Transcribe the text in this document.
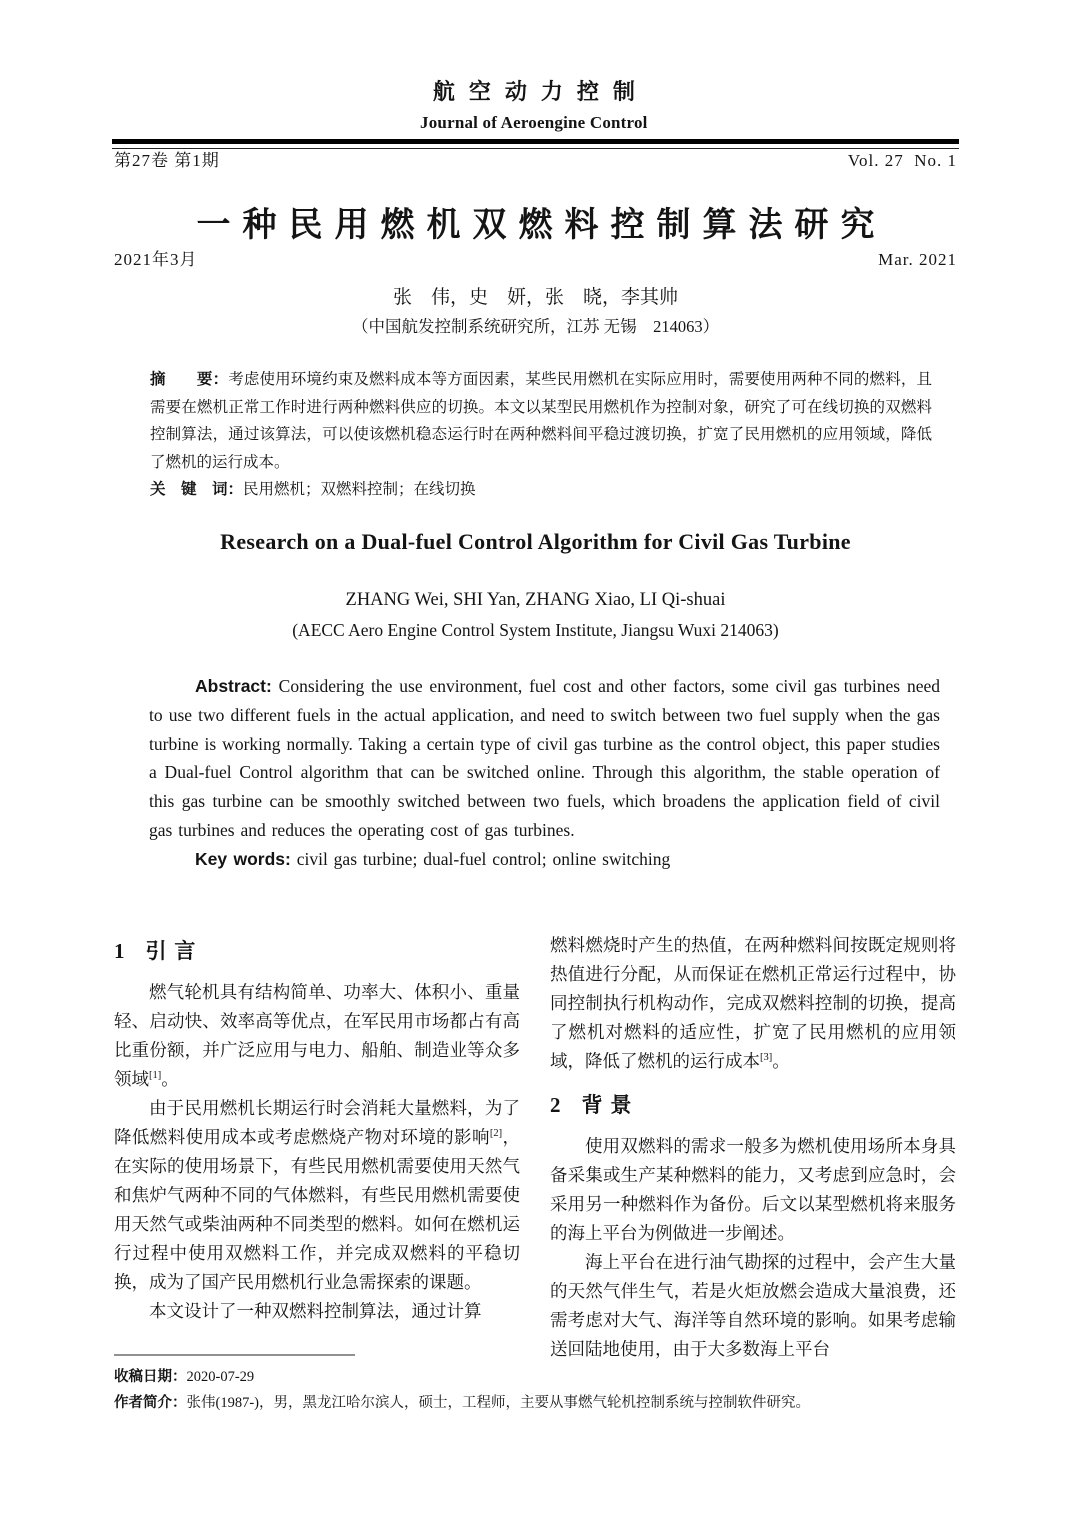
第27卷 第1期

2021年3月

航空动力控制
Journal of Aeroengine Control

Vol. 27  No. 1

Mar. 2021

一种民用燃机双燃料控制算法研究
张　伟，史　妍，张　晓，李其帅
（中国航发控制系统研究所，江苏 无锡　214063）

摘　　要：考虑使用环境约束及燃料成本等方面因素，某些民用燃机在实际应用时，需要使用两种不同的燃料，且需要在燃机正常工作时进行两种燃料供应的切换。本文以某型民用燃机作为控制对象，研究了可在线切换的双燃料控制算法，通过该算法，可以使该燃机稳态运行时在两种燃料间平稳过渡切换，扩宽了民用燃机的应用领域，降低了燃机的运行成本。

关　键　词：民用燃机；双燃料控制；在线切换

Research on a Dual-fuel Control Algorithm for Civil Gas Turbine
ZHANG Wei, SHI Yan, ZHANG Xiao, LI Qi-shuai
(AECC Aero Engine Control System Institute, Jiangsu Wuxi 214063)

Abstract: Considering the use environment, fuel cost and other factors, some civil gas turbines need to use two different fuels in the actual application, and need to switch between two fuel supply when the gas turbine is working normally. Taking a certain type of civil gas turbine as the control object, this paper studies a Dual-fuel Control algorithm that can be switched online. Through this algorithm, the stable operation of this gas turbine can be smoothly switched between two fuels, which broadens the application field of civil gas turbines and reduces the operating cost of gas turbines.

Key words: civil gas turbine; dual-fuel control; online switching

1 引 言

燃气轮机具有结构简单、功率大、体积小、重量轻、启动快、效率高等优点，在军民用市场都占有高比重份额，并广泛应用与电力、船舶、制造业等众多领域[1]。

由于民用燃机长期运行时会消耗大量燃料，为了降低燃料使用成本或考虑燃烧产物对环境的影响[2]，在实际的使用场景下，有些民用燃机需要使用天然气和焦炉气两种不同的气体燃料，有些民用燃机需要使用天然气或柴油两种不同类型的燃料。如何在燃机运行过程中使用双燃料工作，并完成双燃料的平稳切换，成为了国产民用燃机行业急需探索的课题。

本文设计了一种双燃料控制算法，通过计算

燃料燃烧时产生的热值，在两种燃料间按既定规则将热值进行分配，从而保证在燃机正常运行过程中，协同控制执行机构动作，完成双燃料控制的切换，提高了燃机对燃料的适应性，扩宽了民用燃机的应用领域，降低了燃机的运行成本[3]。

2 背 景

使用双燃料的需求一般多为燃机使用场所本身具备采集或生产某种燃料的能力，又考虑到应急时，会采用另一种燃料作为备份。后文以某型燃机将来服务的海上平台为例做进一步阐述。

海上平台在进行油气勘探的过程中，会产生大量的天然气伴生气，若是火炬放燃会造成大量浪费，还需考虑对大气、海洋等自然环境的影响。如果考虑输送回陆地使用，由于大多数海上平台

收稿日期：2020-07-29
作者简介：张伟(1987-)，男，黑龙江哈尔滨人，硕士，工程师，主要从事燃气轮机控制系统与控制软件研究。
